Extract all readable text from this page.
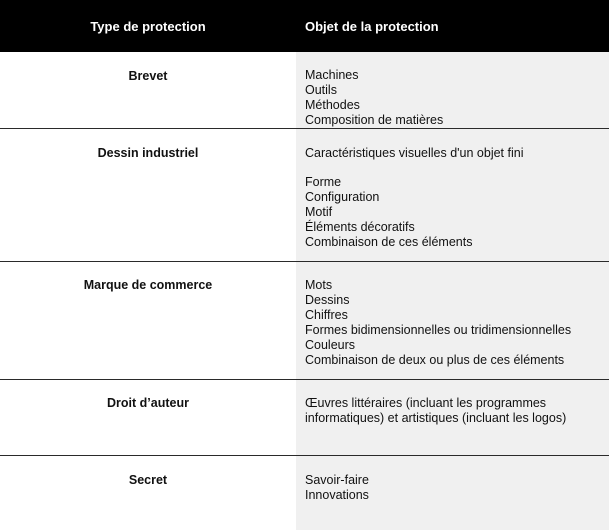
Type de protection	Objet de la protection
Brevet	Machines
Outils
Méthodes
Composition de matières
Dessin industriel	Caractéristiques visuelles d'un objet fini
Forme
Configuration
Motif
Éléments décoratifs
Combinaison de ces éléments
Marque de commerce	Mots
Dessins
Chiffres
Formes bidimensionnelles ou tridimensionnelles
Couleurs
Combinaison de deux ou plus de ces éléments
Droit d’auteur	Œuvres littéraires (incluant les programmes
informatiques) et artistiques (incluant les logos)
Secret	Savoir-faire
Innovations
